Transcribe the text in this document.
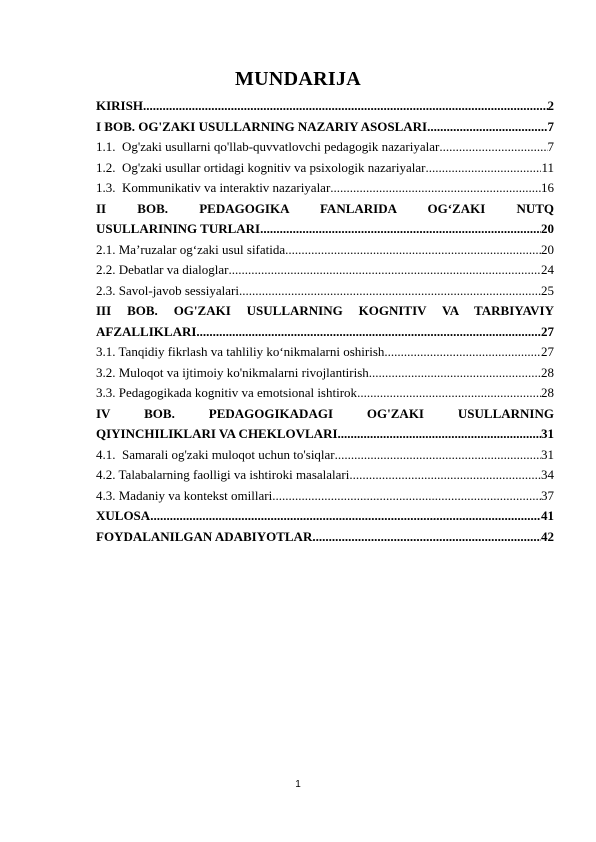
MUNDARIJA
KIRISH .....	2
I BOB. OG'ZAKI USULLARNING NAZARIY ASOSLARI .....	7
1.1. Og'zaki usullarni qo'llab-quvvatlovchi pedagogik nazariyalar .....	7
1.2. Og'zaki usullar ortidagi kognitiv va psixologik nazariyalar .....	11
1.3. Kommunikativ va interaktiv nazariyalar .....	16
II BOB. PEDAGOGIKA FANLARIDA OG‘ZAKI NUTQ
USULLARINING TURLARI .....	20
2.1. Ma’ruzalar og‘zaki usul sifatida .....	20
2.2. Debatlar va dialoglar .....	24
2.3. Savol-javob sessiyalari .....	25
III BOB. OG'ZAKI USULLARNING KOGNITIV VA TARBIYAVIY
AFZALLIKLARI .....	27
3.1. Tanqidiy fikrlash va tahliliy ko‘nikmalarni oshirish .....	27
3.2. Muloqot va ijtimoiy ko'nikmalarni rivojlantirish .....	28
3.3. Pedagogikada kognitiv va emotsional ishtirok .....	28
IV BOB. PEDAGOGIKADAGI OG'ZAKI USULLARNING
QIYINCHILIKLARI VA CHEKLOVLARI .....	31
4.1.  Samarali og'zaki muloqot uchun to'siqlar .....	31
4.2. Talabalarning faolligi va ishtiroki masalalari .....	34
4.3. Madaniy va kontekst omillari .....	37
XULOSA .....	41
FOYDALANILGAN ADABIYOTLAR .....	42
1
